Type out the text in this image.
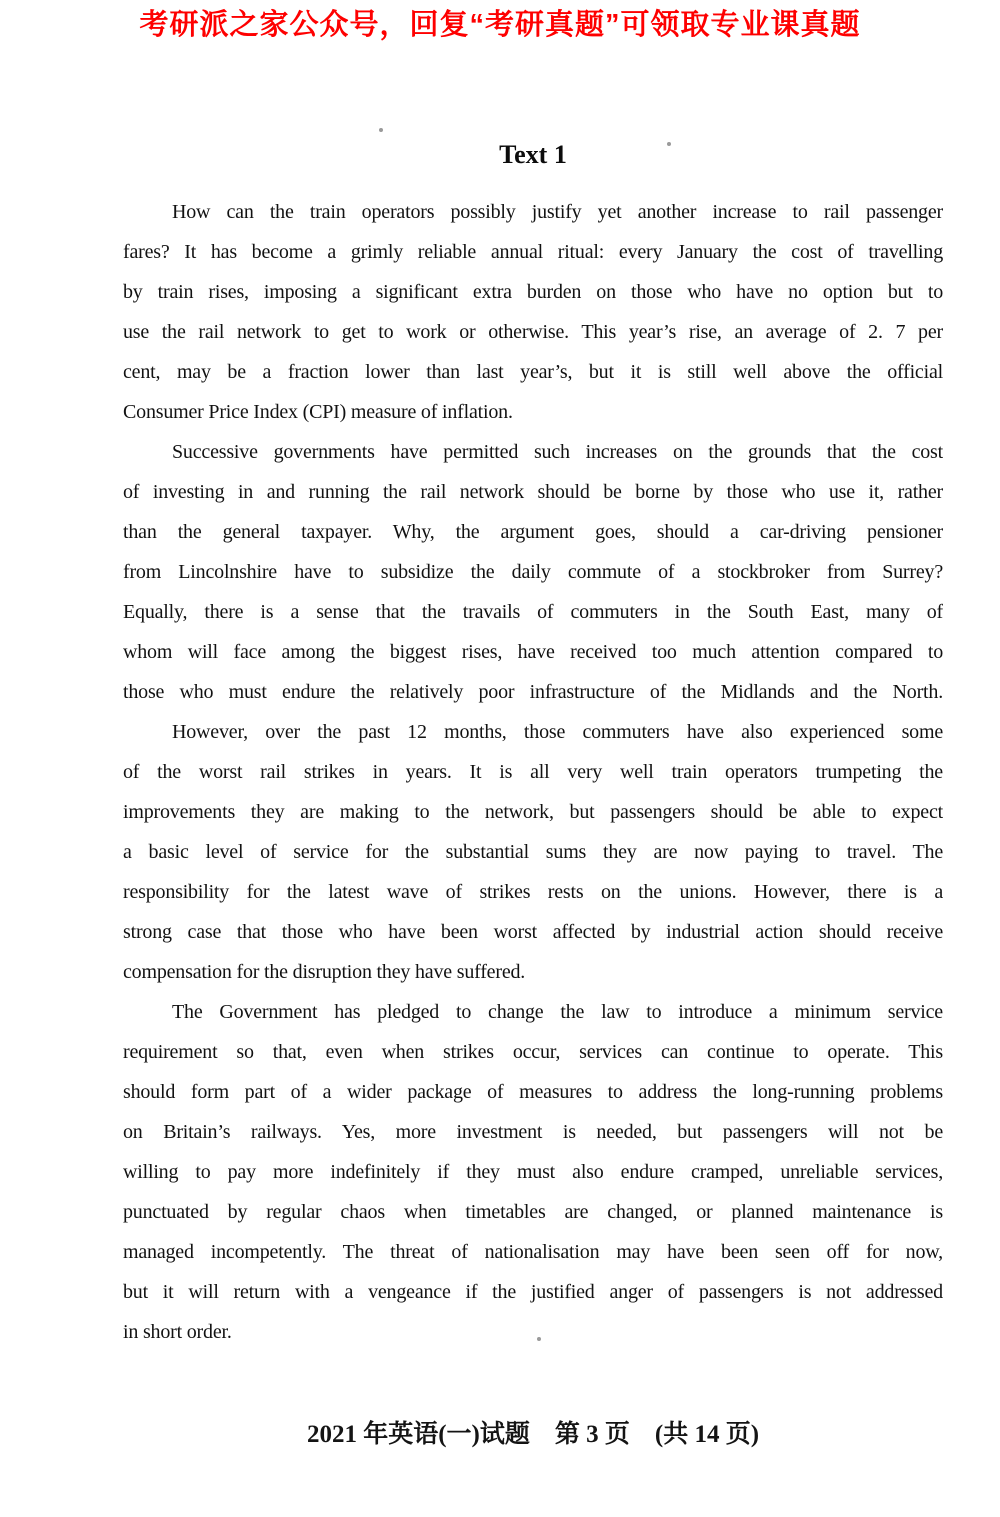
考研派之家公众号，回复“考研真题”可领取专业课真题
Text 1
How can the train operators possibly justify yet another increase to rail passenger
fares? It has become a grimly reliable annual ritual: every January the cost of travelling
by train rises, imposing a significant extra burden on those who have no option but to
use the rail network to get to work or otherwise. This year’s rise, an average of 2. 7 per
cent, may be a fraction lower than last year’s, but it is still well above the official
Consumer Price Index (CPI) measure of inflation.
Successive governments have permitted such increases on the grounds that the cost
of investing in and running the rail network should be borne by those who use it, rather
than the general taxpayer. Why, the argument goes, should a car-driving pensioner
from Lincolnshire have to subsidize the daily commute of a stockbroker from Surrey?
Equally, there is a sense that the travails of commuters in the South East, many of
whom will face among the biggest rises, have received too much attention compared to
those who must endure the relatively poor infrastructure of the Midlands and the North.
However, over the past 12 months, those commuters have also experienced some
of the worst rail strikes in years. It is all very well train operators trumpeting the
improvements they are making to the network, but passengers should be able to expect
a basic level of service for the substantial sums they are now paying to travel. The
responsibility for the latest wave of strikes rests on the unions. However, there is a
strong case that those who have been worst affected by industrial action should receive
compensation for the disruption they have suffered.
The Government has pledged to change the law to introduce a minimum service
requirement so that, even when strikes occur, services can continue to operate. This
should form part of a wider package of measures to address the long-running problems
on Britain’s railways. Yes, more investment is needed, but passengers will not be
willing to pay more indefinitely if they must also endure cramped, unreliable services,
punctuated by regular chaos when timetables are changed, or planned maintenance is
managed incompetently. The threat of nationalisation may have been seen off for now,
but it will return with a vengeance if the justified anger of passengers is not addressed
in short order.
2021 年英语(一)试题　第 3 页　(共 14 页)
